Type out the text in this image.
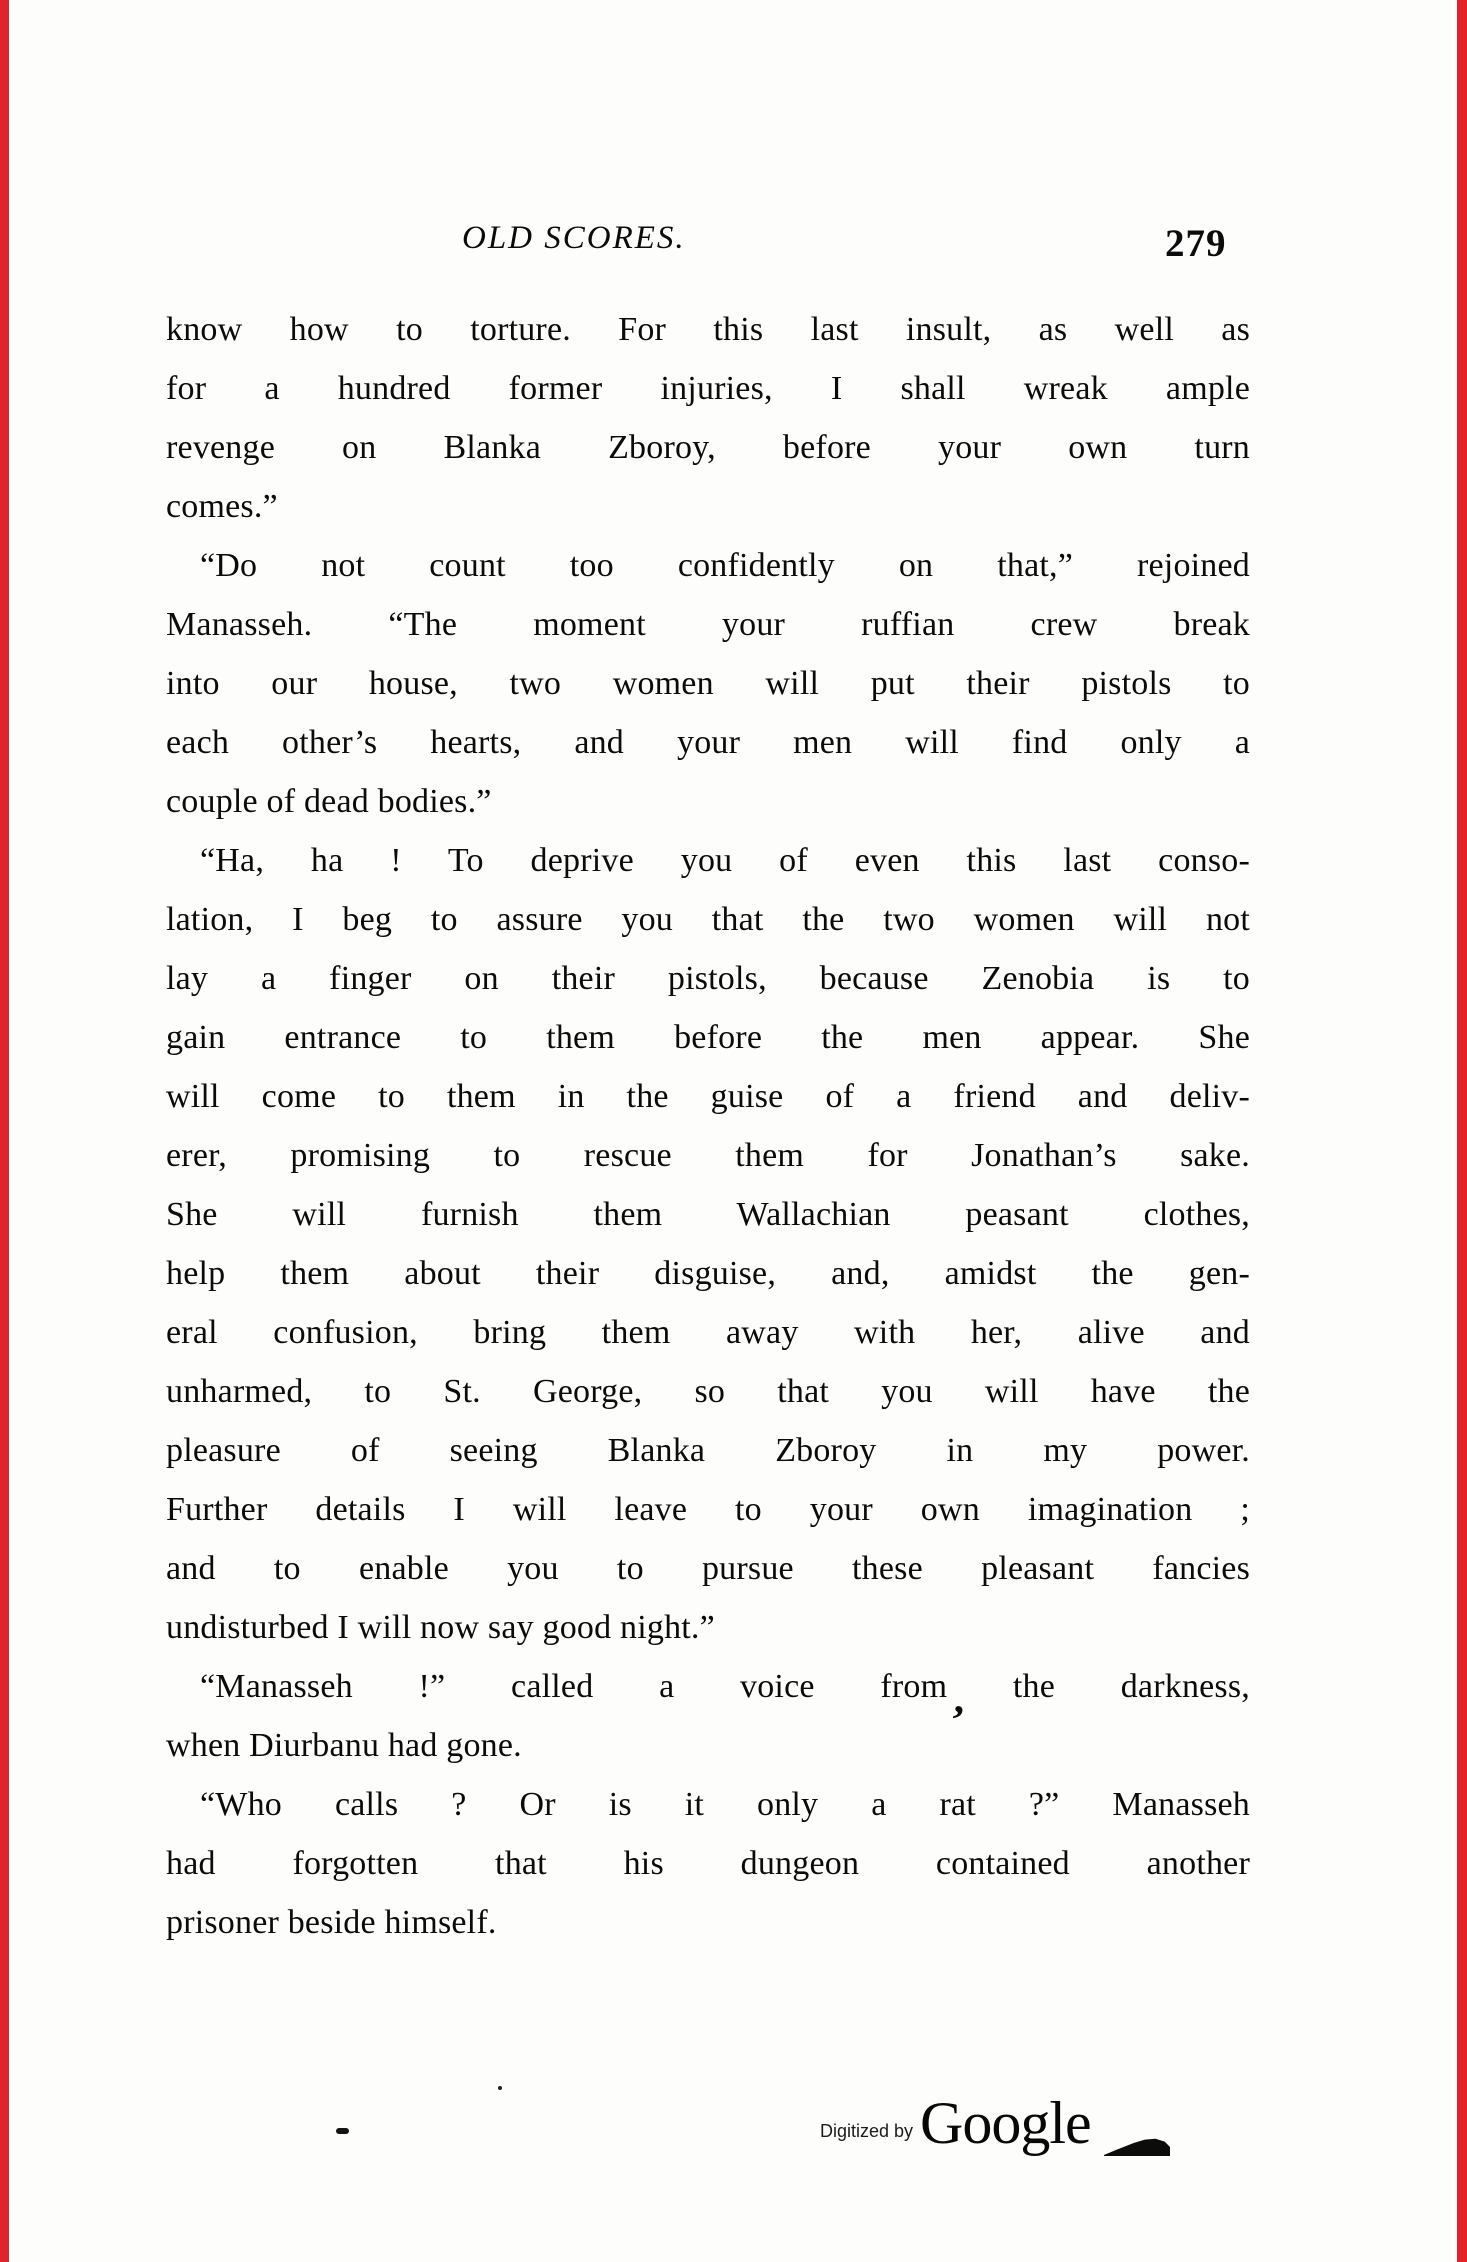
OLD SCORES.	279
know how to torture. For this last insult, as well as
for a hundred former injuries, I shall wreak ample
revenge on Blanka Zboroy, before your own turn
comes.”
“Do not count too confidently on that,” rejoined
Manasseh. “The moment your ruffian crew break
into our house, two women will put their pistols to
each other’s hearts, and your men will find only a
couple of dead bodies.”
“Ha, ha ! To deprive you of even this last conso-
lation, I beg to assure you that the two women will not
lay a finger on their pistols, because Zenobia is to
gain entrance to them before the men appear. She
will come to them in the guise of a friend and deliv-
erer, promising to rescue them for Jonathan’s sake.
She will furnish them Wallachian peasant clothes,
help them about their disguise, and, amidst the gen-
eral confusion, bring them away with her, alive and
unharmed, to St. George, so that you will have the
pleasure of seeing Blanka Zboroy in my power.
Further details I will leave to your own imagination ;
and to enable you to pursue these pleasant fancies
undisturbed I will now say good night.”
“Manasseh !” called a voice from the darkness,
when Diurbanu had gone.
“Who calls ? Or is it only a rat ?” Manasseh
had forgotten that his dungeon contained another
prisoner beside himself.
’
Digitized by Google
